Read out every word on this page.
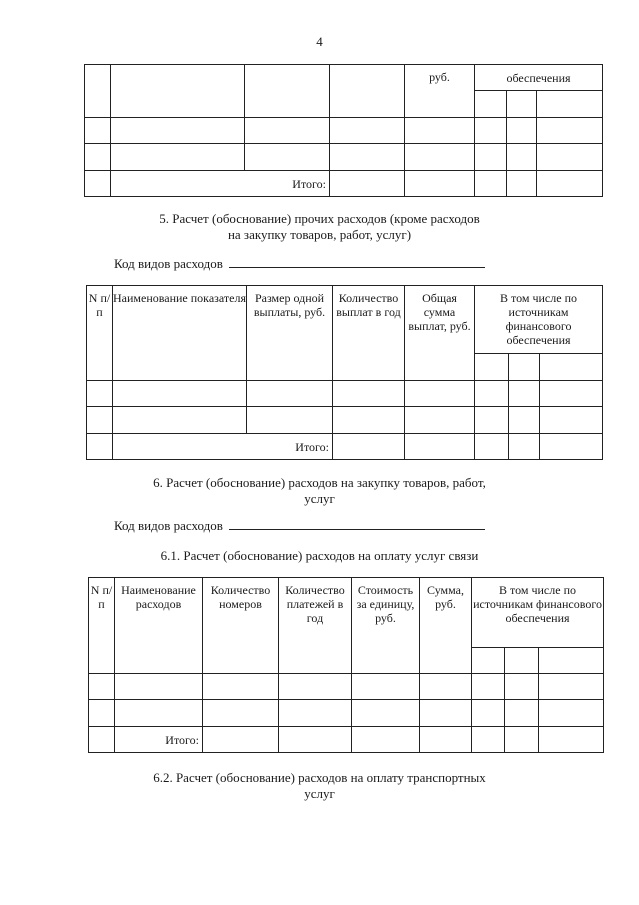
4
				руб.	обеспечения		

	Итого:						
5. Расчет (обоснование) прочих расходов (кроме расходов
на закупку товаров, работ, услуг)
Код видов расходов
N п/п	Наименование показателя	Размер одной выплаты, руб.	Количество выплат в год	Общая сумма выплат, руб.	В том числе по источникам финансового обеспечения		

	Итого:						
6. Расчет (обоснование) расходов на закупку товаров, работ,
услуг
Код видов расходов
6.1. Расчет (обоснование) расходов на оплату услуг связи
N п/п	Наименование расходов	Количество номеров	Количество платежей в год	Стоимость за единицу, руб.	Сумма, руб.	В том числе по источникам финансового обеспечения		

	Итого:							
6.2. Расчет (обоснование) расходов на оплату транспортных
услуг
